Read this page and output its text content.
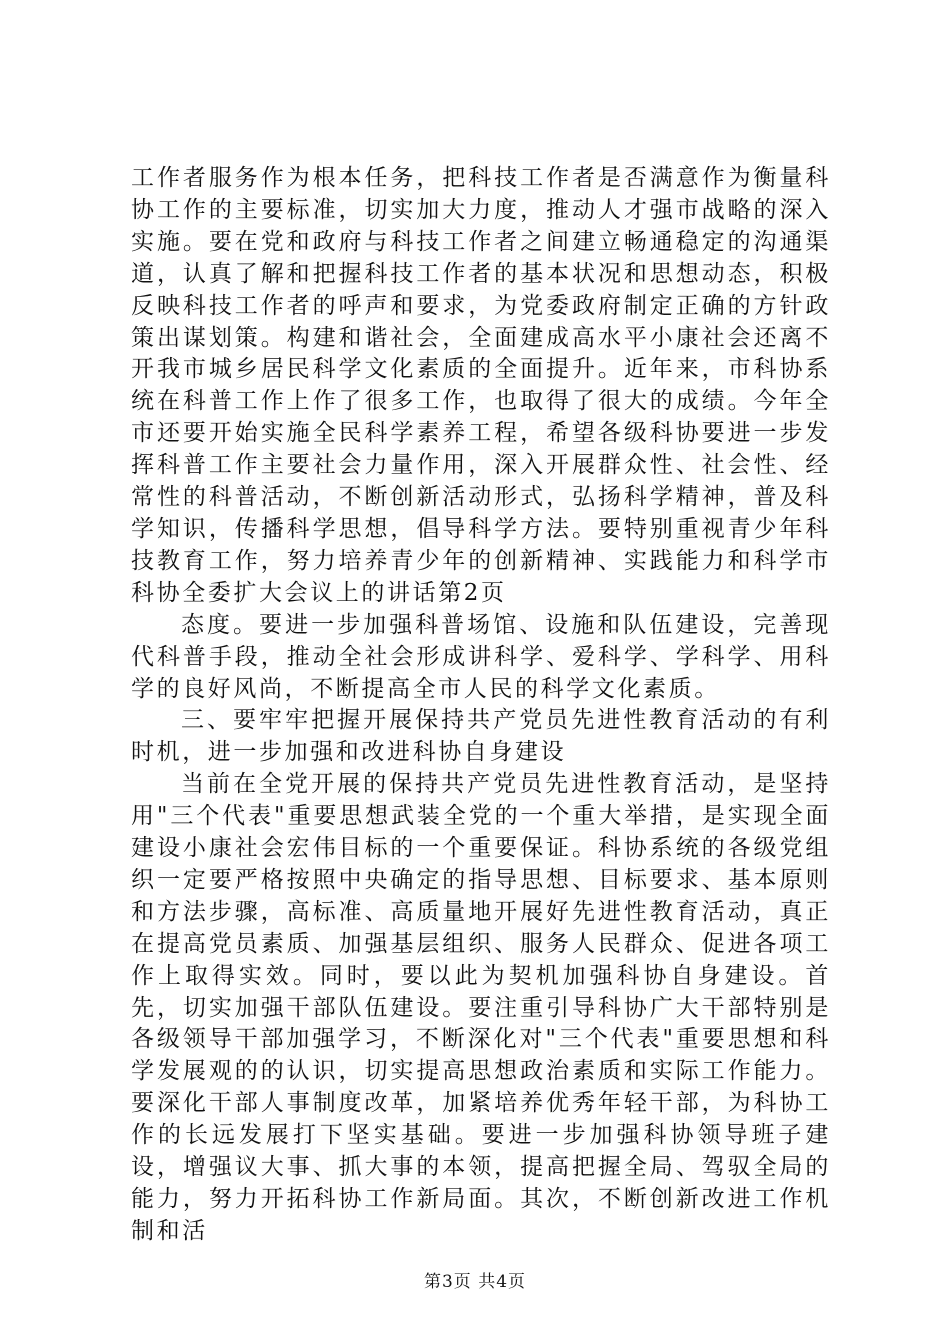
工作者服务作为根本任务，把科技工作者是否满意作为衡量科协工作的主要标准，切实加大力度，推动人才强市战略的深入实施。要在党和政府与科技工作者之间建立畅通稳定的沟通渠道，认真了解和把握科技工作者的基本状况和思想动态，积极反映科技工作者的呼声和要求，为党委政府制定正确的方针政策出谋划策。构建和谐社会，全面建成高水平小康社会还离不开我市城乡居民科学文化素质的全面提升。近年来，市科协系统在科普工作上作了很多工作，也取得了很大的成绩。今年全市还要开始实施全民科学素养工程，希望各级科协要进一步发挥科普工作主要社会力量作用，深入开展群众性、社会性、经常性的科普活动，不断创新活动形式，弘扬科学精神，普及科学知识，传播科学思想，倡导科学方法。要特别重视青少年科技教育工作，努力培养青少年的创新精神、实践能力和科学市科协全委扩大会议上的讲话第2页

态度。要进一步加强科普场馆、设施和队伍建设，完善现代科普手段，推动全社会形成讲科学、爱科学、学科学、用科学的良好风尚，不断提高全市人民的科学文化素质。

三、要牢牢把握开展保持共产党员先进性教育活动的有利时机，进一步加强和改进科协自身建设

当前在全党开展的保持共产党员先进性教育活动，是坚持用"三个代表"重要思想武装全党的一个重大举措，是实现全面建设小康社会宏伟目标的一个重要保证。科协系统的各级党组织一定要严格按照中央确定的指导思想、目标要求、基本原则和方法步骤，高标准、高质量地开展好先进性教育活动，真正在提高党员素质、加强基层组织、服务人民群众、促进各项工作上取得实效。同时，要以此为契机加强科协自身建设。首先，切实加强干部队伍建设。要注重引导科协广大干部特别是各级领导干部加强学习，不断深化对"三个代表"重要思想和科学发展观的的认识，切实提高思想政治素质和实际工作能力。要深化干部人事制度改革，加紧培养优秀年轻干部，为科协工作的长远发展打下坚实基础。要进一步加强科协领导班子建设，增强议大事、抓大事的本领，提高把握全局、驾驭全局的能力，努力开拓科协工作新局面。其次，不断创新改进工作机制和活

第3页 共4页
